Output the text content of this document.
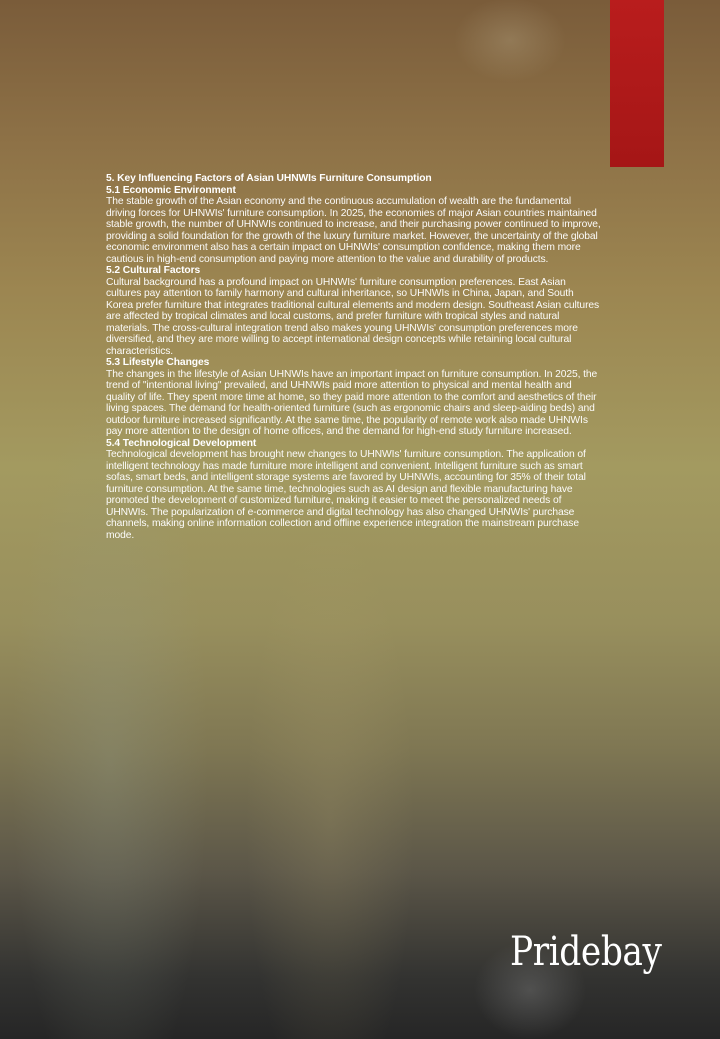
5. Key Influencing Factors of Asian UHNWIs Furniture Consumption

5.1 Economic Environment

The stable growth of the Asian economy and the continuous accumulation of wealth are the fundamental driving forces for UHNWIs' furniture consumption. In 2025, the economies of major Asian countries maintained stable growth, the number of UHNWIs continued to increase, and their purchasing power continued to improve, providing a solid foundation for the growth of the luxury furniture market. However, the uncertainty of the global economic environment also has a certain impact on UHNWIs' consumption confidence, making them more cautious in high-end consumption and paying more attention to the value and durability of products.

5.2 Cultural Factors

Cultural background has a profound impact on UHNWIs' furniture consumption preferences. East Asian cultures pay attention to family harmony and cultural inheritance, so UHNWIs in China, Japan, and South Korea prefer furniture that integrates traditional cultural elements and modern design. Southeast Asian cultures are affected by tropical climates and local customs, and prefer furniture with tropical styles and natural materials. The cross-cultural integration trend also makes young UHNWIs' consumption preferences more diversified, and they are more willing to accept international design concepts while retaining local cultural characteristics.

5.3 Lifestyle Changes

The changes in the lifestyle of Asian UHNWIs have an important impact on furniture consumption. In 2025, the trend of "intentional living" prevailed, and UHNWIs paid more attention to physical and mental health and quality of life. They spent more time at home, so they paid more attention to the comfort and aesthetics of their living spaces. The demand for health-oriented furniture (such as ergonomic chairs and sleep-aiding beds) and outdoor furniture increased significantly. At the same time, the popularity of remote work also made UHNWIs pay more attention to the design of home offices, and the demand for high-end study furniture increased.

5.4 Technological Development

Technological development has brought new changes to UHNWIs' furniture consumption. The application of intelligent technology has made furniture more intelligent and convenient. Intelligent furniture such as smart sofas, smart beds, and intelligent storage systems are favored by UHNWIs, accounting for 35% of their total furniture consumption. At the same time, technologies such as AI design and flexible manufacturing have promoted the development of customized furniture, making it easier to meet the personalized needs of UHNWIs. The popularization of e-commerce and digital technology has also changed UHNWIs' purchase channels, making online information collection and offline experience integration the mainstream purchase mode.

Pridebay
